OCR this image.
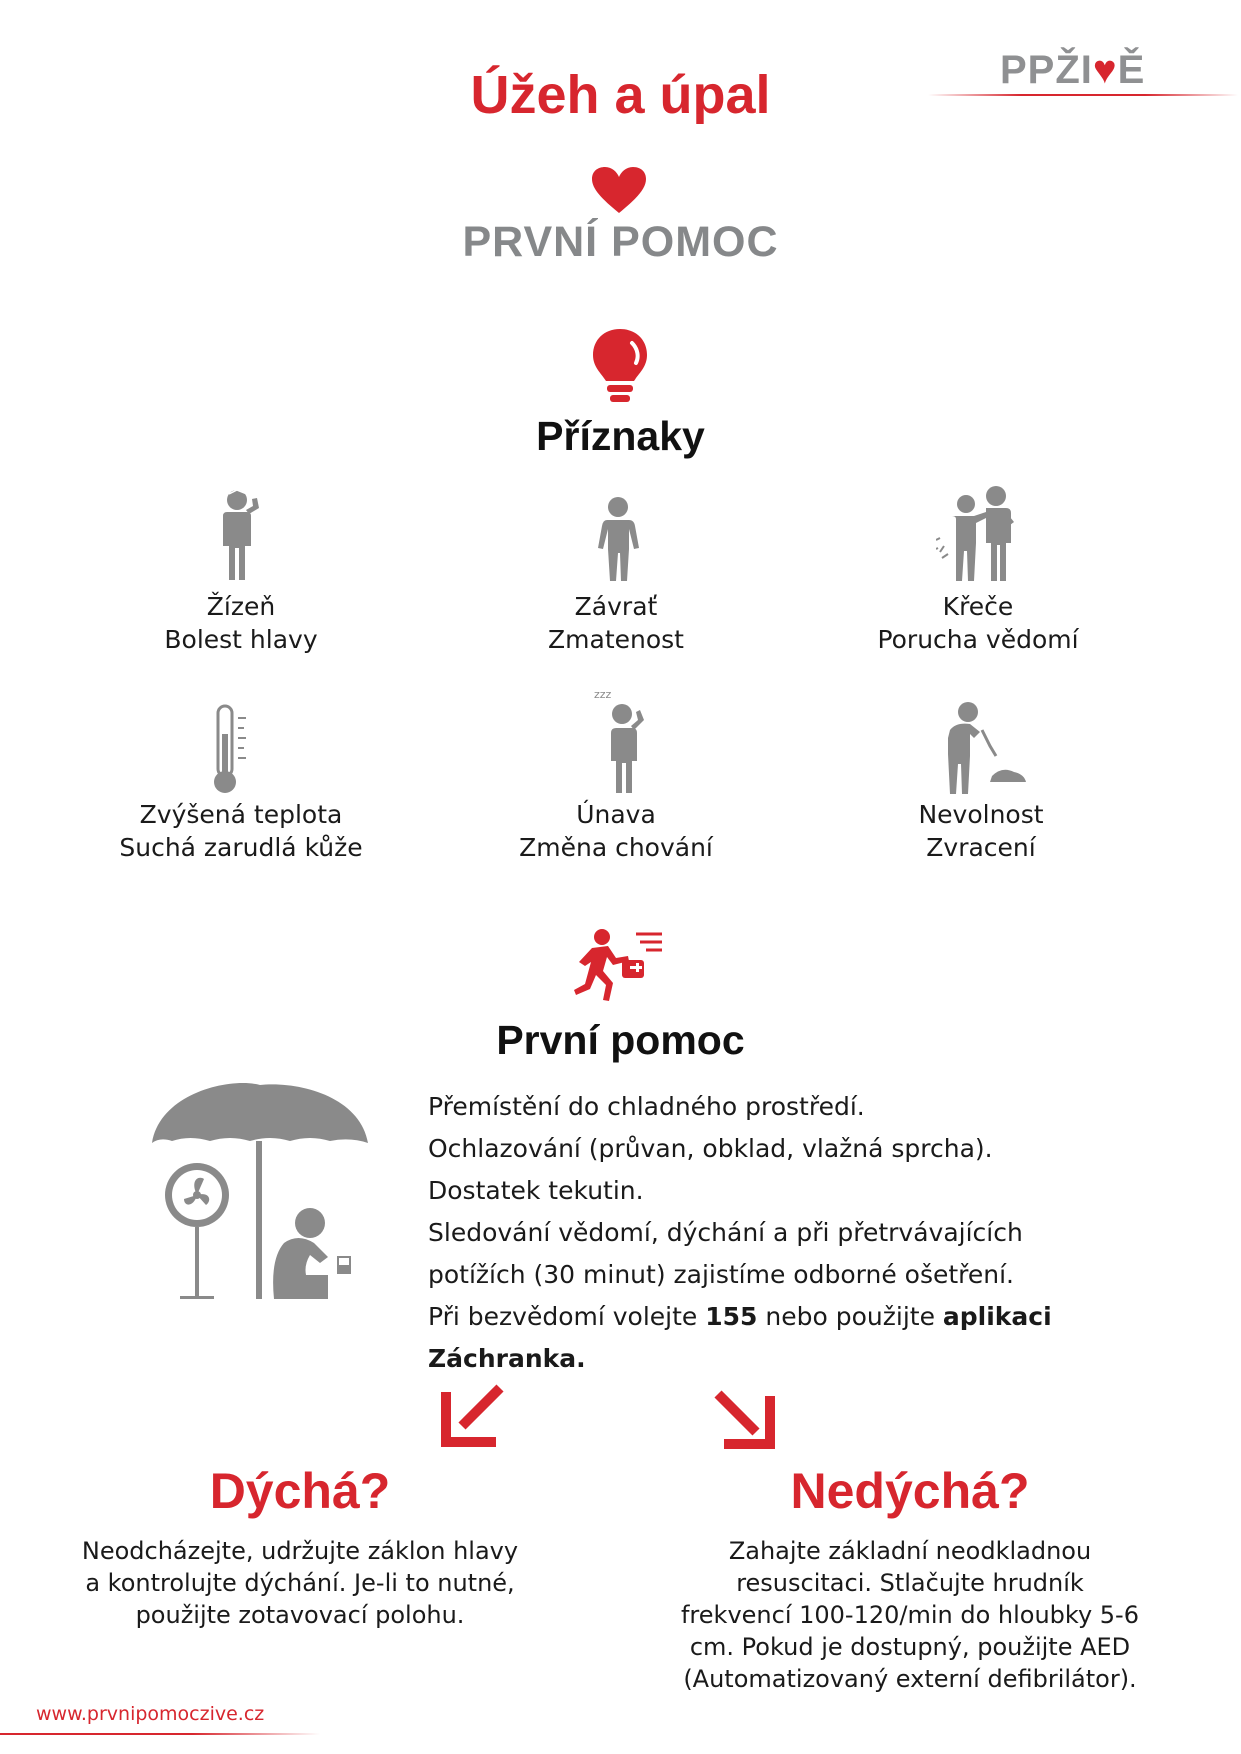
PPŽI♥Ě
Úžeh a úpal
PRVNÍ POMOC
Příznaky
Žízeň
Bolest hlavy
Závrať
Zmatenost
Křeče
Porucha vědomí
zzz
Zvýšená teplota
Suchá zarudlá kůže
Únava
Změna chování
Nevolnost
Zvracení
První pomoc

Přemístění do chladného prostředí.

Ochlazování (průvan, obklad, vlažná sprcha).

Dostatek tekutin.

Sledování vědomí, dýchání a při přetrvávajících

potížích (30 minut) zajistíme odborné ošetření.

Při bezvědomí volejte 155 nebo použijte aplikaci

Záchranka.

Dýchá?
Neodcházejte, udržujte záklon hlavy
a kontrolujte dýchání. Je-li to nutné,
použijte zotavovací polohu.
Nedýchá?
Zahajte základní neodkladnou
resuscitaci. Stlačujte hrudník
frekvencí 100-120/min do hloubky 5-6
cm. Pokud je dostupný, použijte AED
(Automatizovaný externí defibrilátor).
www.prvnipomoczive.cz
